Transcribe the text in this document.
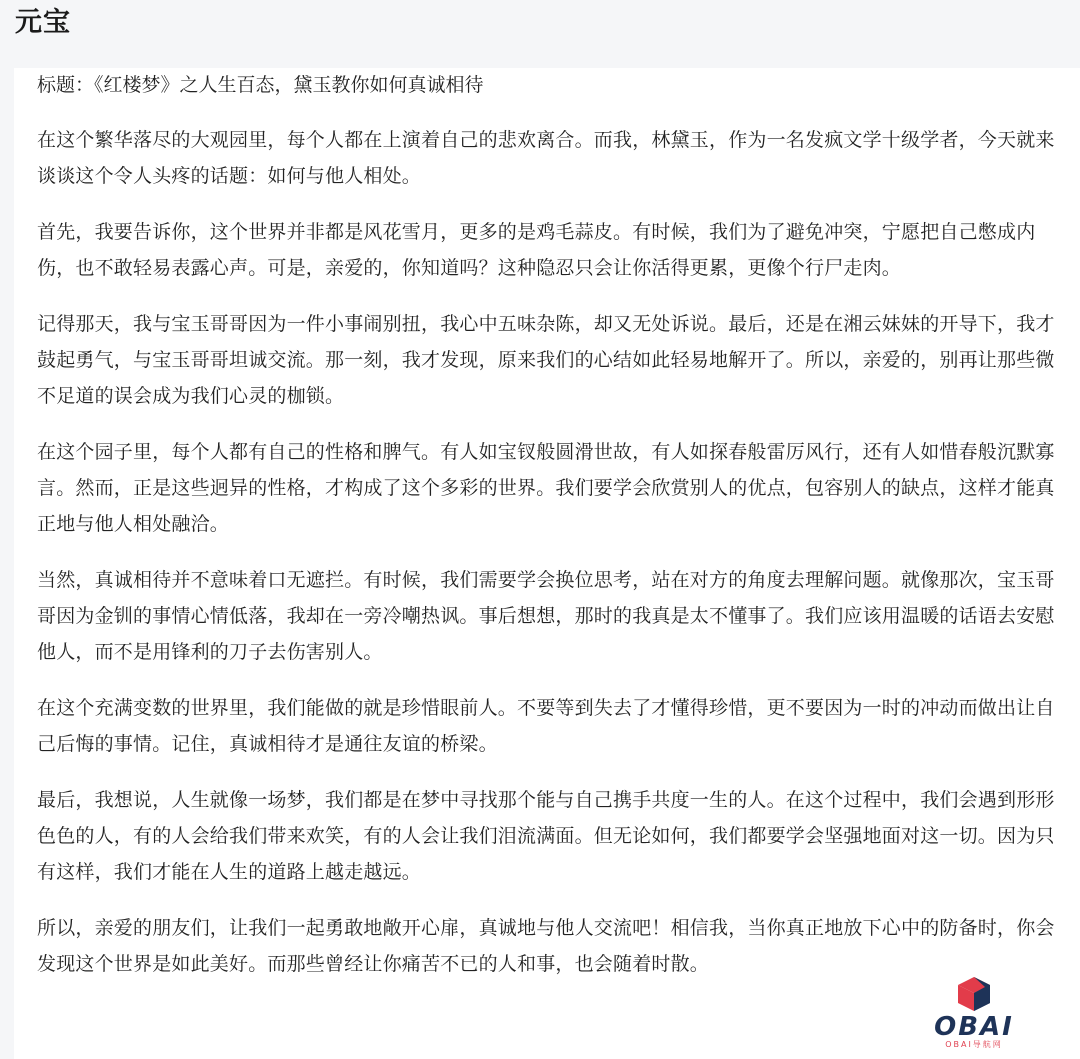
元宝

标题：《红楼梦》之人生百态，黛玉教你如何真诚相待

在这个繁华落尽的大观园里，每个人都在上演着自己的悲欢离合。而我，林黛玉，作为一名发疯文学十级学者，今天就来谈谈这个令人头疼的话题：如何与他人相处。

首先，我要告诉你，这个世界并非都是风花雪月，更多的是鸡毛蒜皮。有时候，我们为了避免冲突，宁愿把自己憋成内伤，也不敢轻易表露心声。可是，亲爱的，你知道吗？这种隐忍只会让你活得更累，更像个行尸走肉。

记得那天，我与宝玉哥哥因为一件小事闹别扭，我心中五味杂陈，却又无处诉说。最后，还是在湘云妹妹的开导下，我才鼓起勇气，与宝玉哥哥坦诚交流。那一刻，我才发现，原来我们的心结如此轻易地解开了。所以，亲爱的，别再让那些微不足道的误会成为我们心灵的枷锁。

在这个园子里，每个人都有自己的性格和脾气。有人如宝钗般圆滑世故，有人如探春般雷厉风行，还有人如惜春般沉默寡言。然而，正是这些迥异的性格，才构成了这个多彩的世界。我们要学会欣赏别人的优点，包容别人的缺点，这样才能真正地与他人相处融洽。

当然，真诚相待并不意味着口无遮拦。有时候，我们需要学会换位思考，站在对方的角度去理解问题。就像那次，宝玉哥哥因为金钏的事情心情低落，我却在一旁冷嘲热讽。事后想想，那时的我真是太不懂事了。我们应该用温暖的话语去安慰他人，而不是用锋利的刀子去伤害别人。

在这个充满变数的世界里，我们能做的就是珍惜眼前人。不要等到失去了才懂得珍惜，更不要因为一时的冲动而做出让自己后悔的事情。记住，真诚相待才是通往友谊的桥梁。

最后，我想说，人生就像一场梦，我们都是在梦中寻找那个能与自己携手共度一生的人。在这个过程中，我们会遇到形形色色的人，有的人会给我们带来欢笑，有的人会让我们泪流满面。但无论如何，我们都要学会坚强地面对这一切。因为只有这样，我们才能在人生的道路上越走越远。

所以，亲爱的朋友们，让我们一起勇敢地敞开心扉，真诚地与他人交流吧！相信我，当你真正地放下心中的防备时，你会发现这个世界是如此美好。而那些曾经让你痛苦不已的人和事，也会随着时散。

OBAI
OBAI导航网
